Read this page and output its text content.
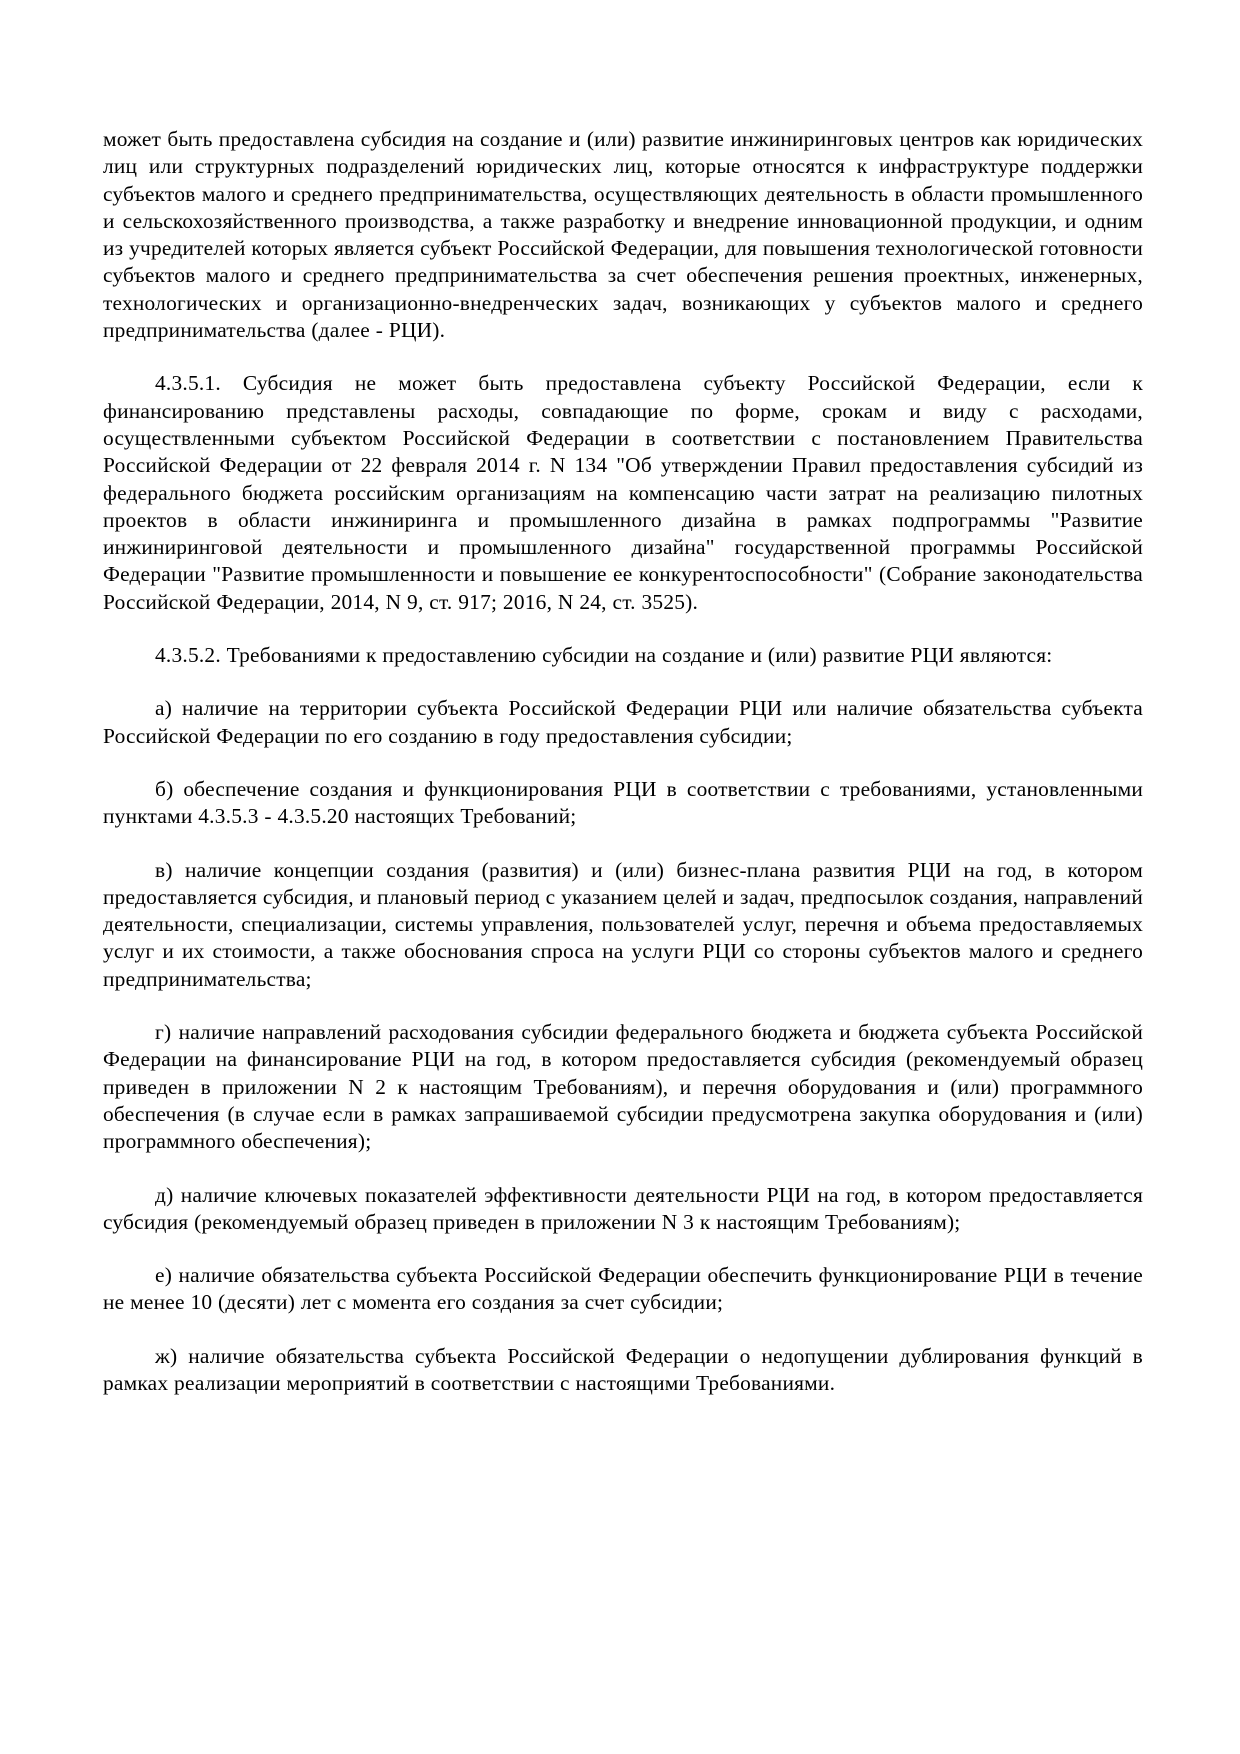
может быть предоставлена субсидия на создание и (или) развитие инжиниринговых центров как юридических лиц или структурных подразделений юридических лиц, которые относятся к инфраструктуре поддержки субъектов малого и среднего предпринимательства, осуществляющих деятельность в области промышленного и сельскохозяйственного производства, а также разработку и внедрение инновационной продукции, и одним из учредителей которых является субъект Российской Федерации, для повышения технологической готовности субъектов малого и среднего предпринимательства за счет обеспечения решения проектных, инженерных, технологических и организационно-внедренческих задач, возникающих у субъектов малого и среднего предпринимательства (далее - РЦИ).

4.3.5.1. Субсидия не может быть предоставлена субъекту Российской Федерации, если к финансированию представлены расходы, совпадающие по форме, срокам и виду с расходами, осуществленными субъектом Российской Федерации в соответствии с постановлением Правительства Российской Федерации от 22 февраля 2014 г. N 134 "Об утверждении Правил предоставления субсидий из федерального бюджета российским организациям на компенсацию части затрат на реализацию пилотных проектов в области инжиниринга и промышленного дизайна в рамках подпрограммы "Развитие инжиниринговой деятельности и промышленного дизайна" государственной программы Российской Федерации "Развитие промышленности и повышение ее конкурентоспособности" (Собрание законодательства Российской Федерации, 2014, N 9, ст. 917; 2016, N 24, ст. 3525).

4.3.5.2. Требованиями к предоставлению субсидии на создание и (или) развитие РЦИ являются:

а) наличие на территории субъекта Российской Федерации РЦИ или наличие обязательства субъекта Российской Федерации по его созданию в году предоставления субсидии;

б) обеспечение создания и функционирования РЦИ в соответствии с требованиями, установленными пунктами 4.3.5.3 - 4.3.5.20 настоящих Требований;

в) наличие концепции создания (развития) и (или) бизнес-плана развития РЦИ на год, в котором предоставляется субсидия, и плановый период с указанием целей и задач, предпосылок создания, направлений деятельности, специализации, системы управления, пользователей услуг, перечня и объема предоставляемых услуг и их стоимости, а также обоснования спроса на услуги РЦИ со стороны субъектов малого и среднего предпринимательства;

г) наличие направлений расходования субсидии федерального бюджета и бюджета субъекта Российской Федерации на финансирование РЦИ на год, в котором предоставляется субсидия (рекомендуемый образец приведен в приложении N 2 к настоящим Требованиям), и перечня оборудования и (или) программного обеспечения (в случае если в рамках запрашиваемой субсидии предусмотрена закупка оборудования и (или) программного обеспечения);

д) наличие ключевых показателей эффективности деятельности РЦИ на год, в котором предоставляется субсидия (рекомендуемый образец приведен в приложении N 3 к настоящим Требованиям);

е) наличие обязательства субъекта Российской Федерации обеспечить функционирование РЦИ в течение не менее 10 (десяти) лет с момента его создания за счет субсидии;

ж) наличие обязательства субъекта Российской Федерации о недопущении дублирования функций в рамках реализации мероприятий в соответствии с настоящими Требованиями.
